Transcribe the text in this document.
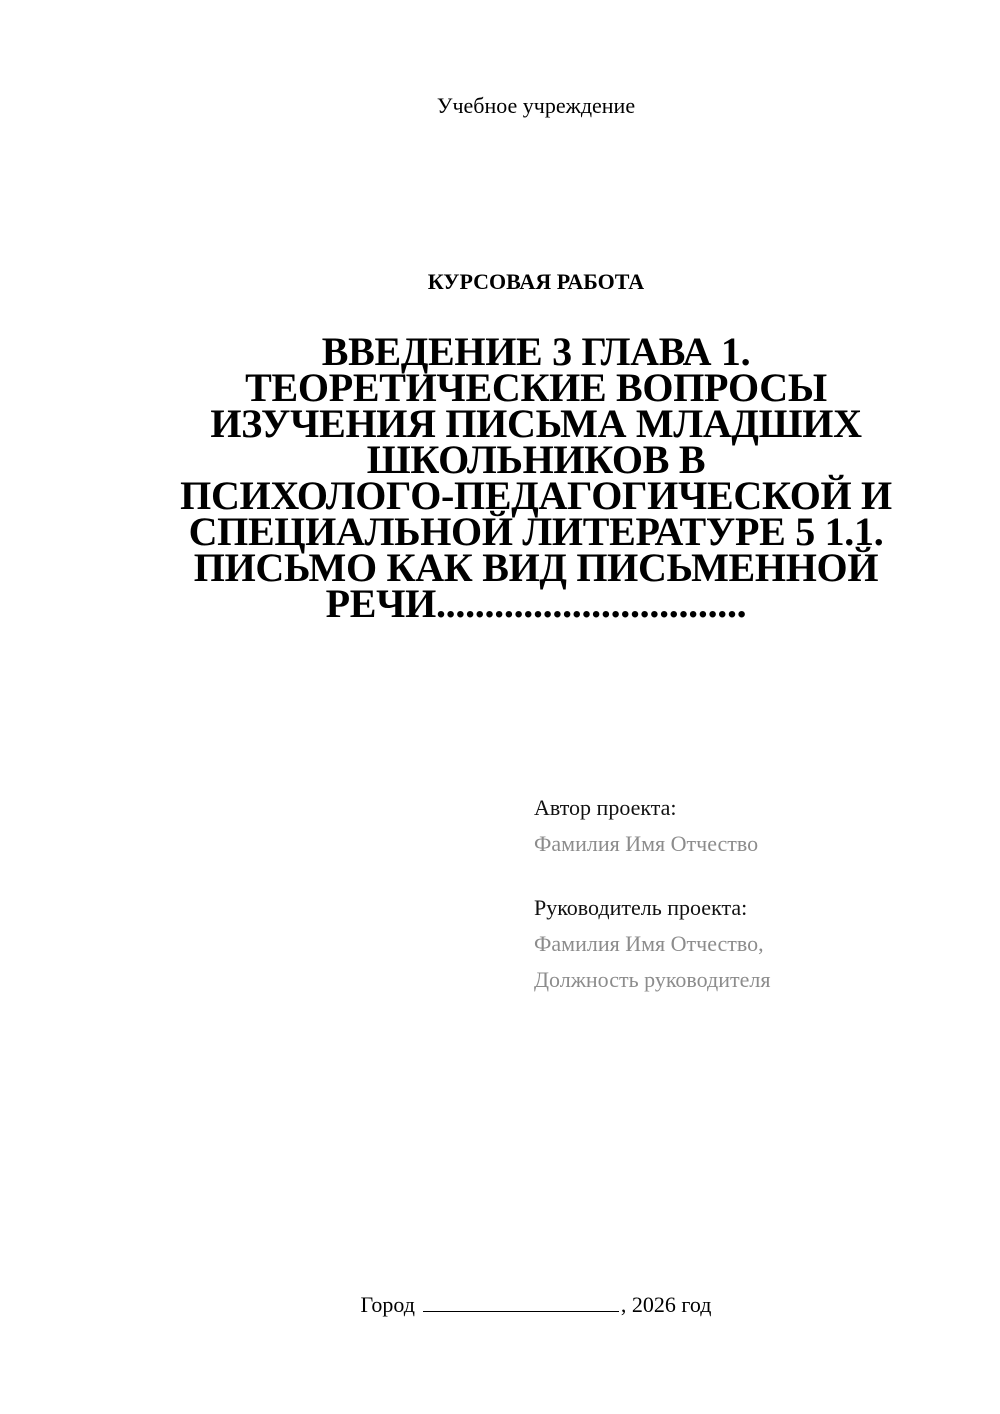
Учебное учреждение
КУРСОВАЯ РАБОТА
ВВЕДЕНИЕ 3 ГЛАВА 1.
ТЕОРЕТИЧЕСКИЕ ВОПРОСЫ
ИЗУЧЕНИЯ ПИСЬМА МЛАДШИХ
ШКОЛЬНИКОВ В
ПСИХОЛОГО-ПЕДАГОГИЧЕСКОЙ И
СПЕЦИАЛЬНОЙ ЛИТЕРАТУРЕ 5 1.1.
ПИСЬМО КАК ВИД ПИСЬМЕННОЙ
РЕЧИ................................
Автор проекта:
Фамилия Имя Отчество
Руководитель проекта:
Фамилия Имя Отчество,
Должность руководителя
Город	, 2026 год
